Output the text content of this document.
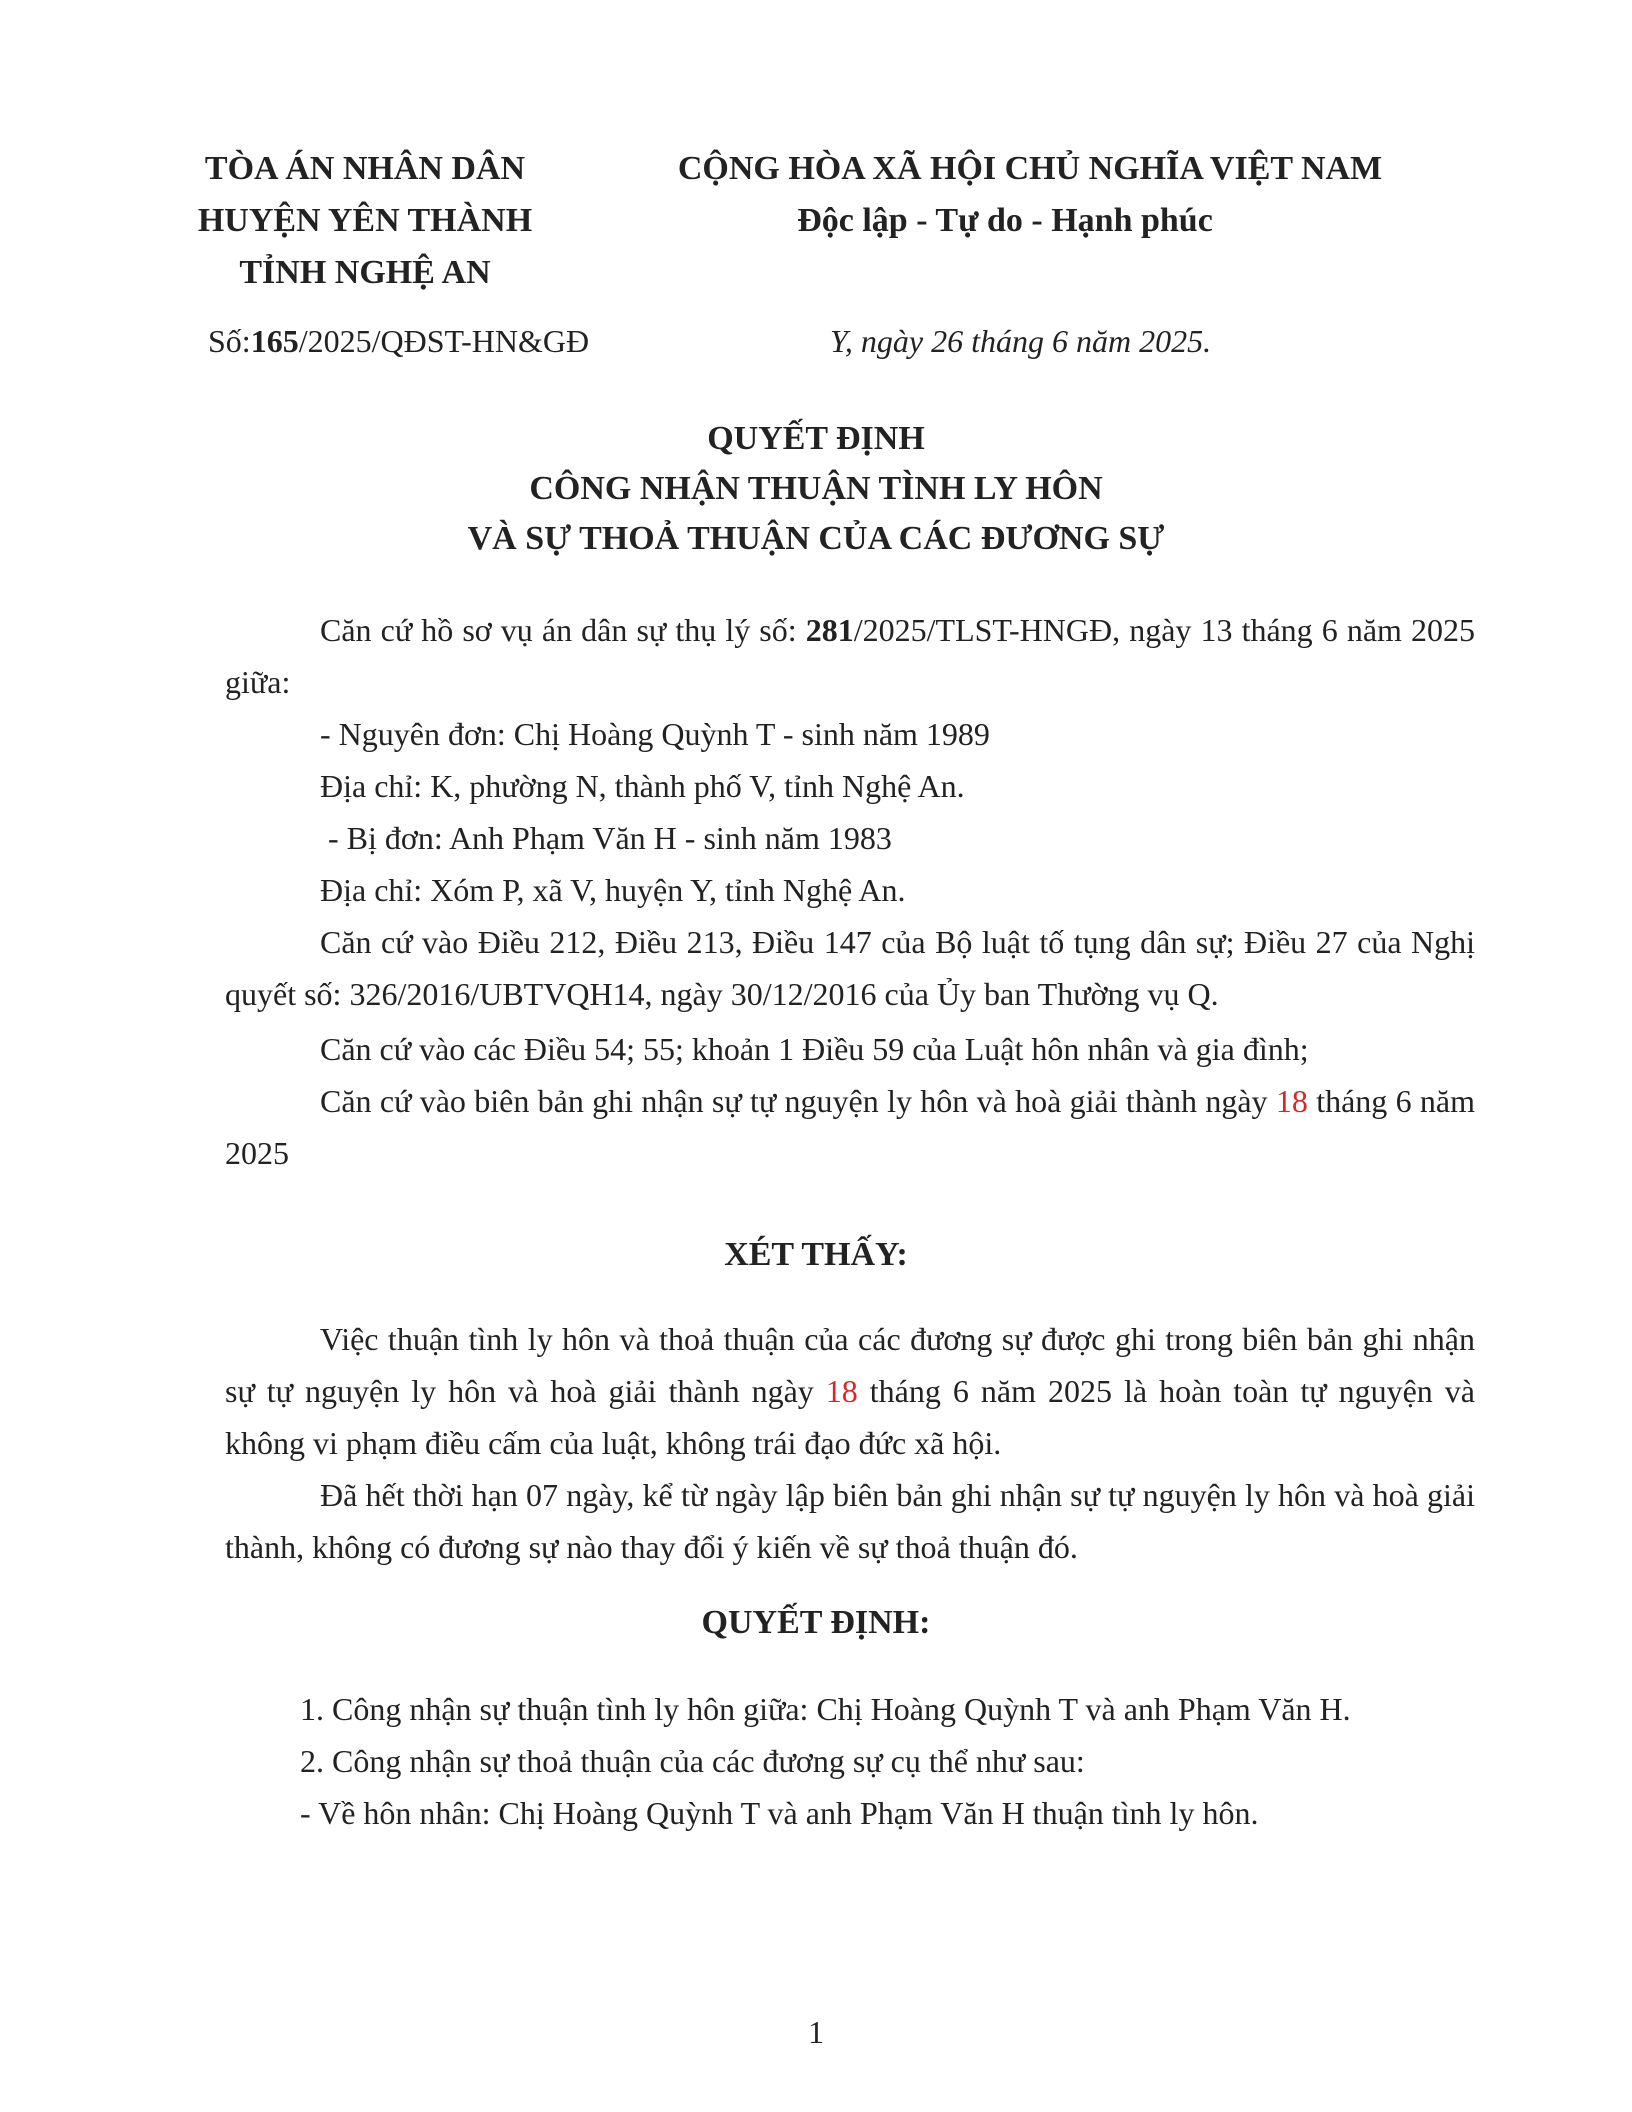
TÒA ÁN NHÂN DÂN
HUYỆN YÊN THÀNH
TỈNH NGHỆ AN
CỘNG HÒA XÃ HỘI CHỦ NGHĨA VIỆT NAM
Độc lập - Tự do - Hạnh phúc
Số:165/2025/QĐST-HN&GĐ	Y, ngày 26 tháng 6 năm 2025.
QUYẾT ĐỊNH
CÔNG NHẬN THUẬN TÌNH LY HÔN
VÀ SỰ THOẢ THUẬN CỦA CÁC ĐƯƠNG SỰ

Căn cứ hồ sơ vụ án dân sự thụ lý số: 281/2025/TLST-HNGĐ, ngày 13 tháng 6 năm 2025 giữa:

- Nguyên đơn: Chị Hoàng Quỳnh T - sinh năm 1989

Địa chỉ: K, phường N, thành phố V, tỉnh Nghệ An.

- Bị đơn: Anh Phạm Văn H - sinh năm 1983

Địa chỉ: Xóm P, xã V, huyện Y, tỉnh Nghệ An.

Căn cứ vào Điều 212, Điều 213, Điều 147 của Bộ luật tố tụng dân sự; Điều 27 của Nghị quyết số: 326/2016/UBTVQH14, ngày 30/12/2016 của Ủy ban Thường vụ Q.

Căn cứ vào các Điều 54; 55; khoản 1 Điều 59 của Luật hôn nhân và gia đình;

Căn cứ vào biên bản ghi nhận sự tự nguyện ly hôn và hoà giải thành ngày 18 tháng 6 năm 2025

XÉT THẤY:

Việc thuận tình ly hôn và thoả thuận của các đương sự được ghi trong biên bản ghi nhận sự tự nguyện ly hôn và hoà giải thành ngày 18 tháng 6 năm 2025 là hoàn toàn tự nguyện và không vi phạm điều cấm của luật, không trái đạo đức xã hội.

Đã hết thời hạn 07 ngày, kể từ ngày lập biên bản ghi nhận sự tự nguyện ly hôn và hoà giải thành, không có đương sự nào thay đổi ý kiến về sự thoả thuận đó.

QUYẾT ĐỊNH:

1. Công nhận sự thuận tình ly hôn giữa: Chị Hoàng Quỳnh T và anh Phạm Văn H.

2. Công nhận sự thoả thuận của các đương sự cụ thể như sau:

- Về hôn nhân: Chị Hoàng Quỳnh T và anh Phạm Văn H thuận tình ly hôn.

1
